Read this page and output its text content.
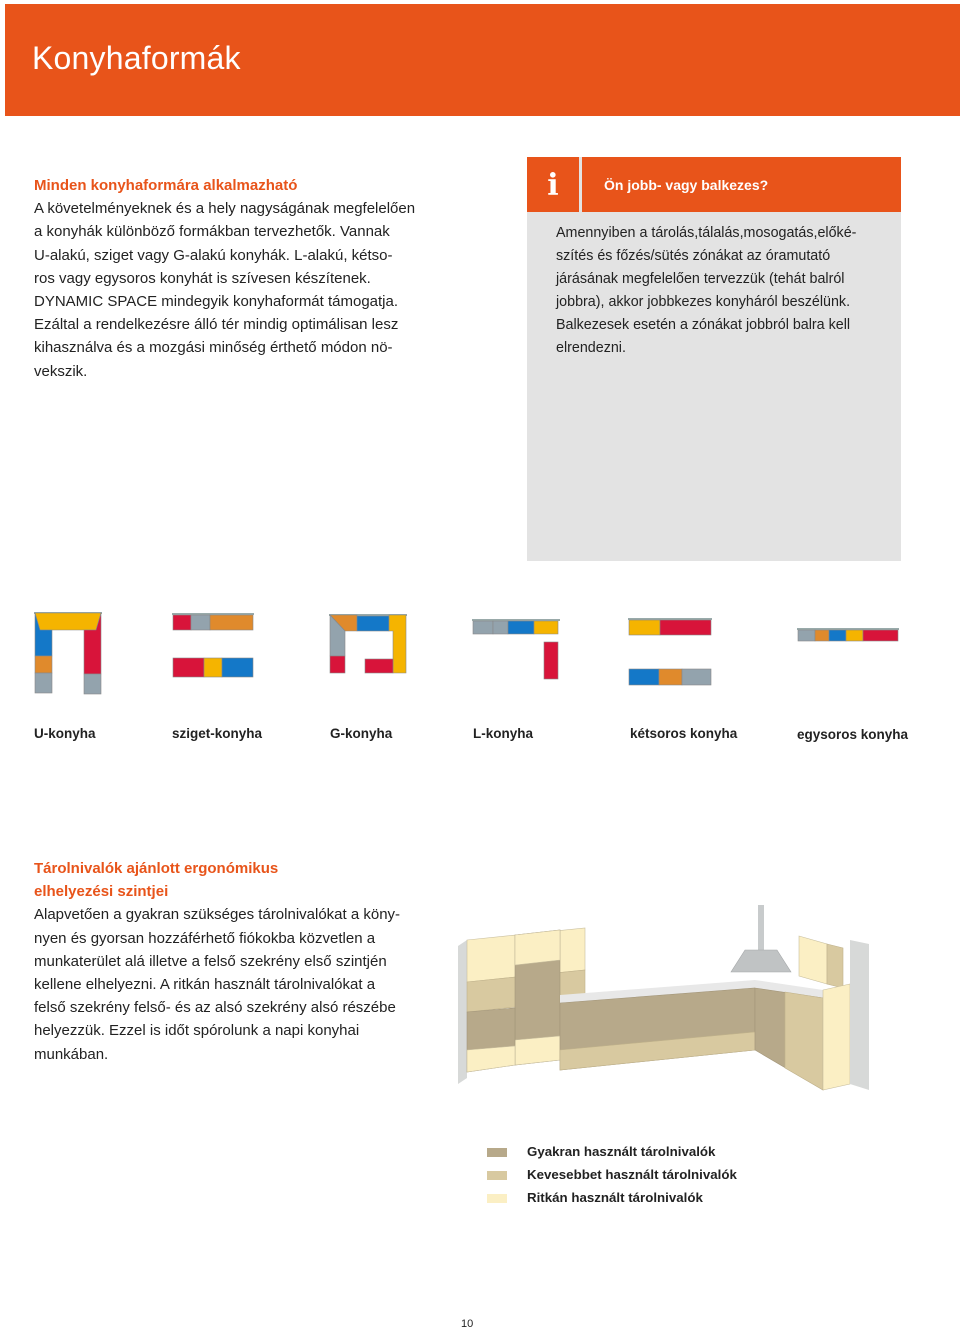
Konyhaformák
Minden konyhaformára alkalmazható
A követelményeknek és a hely nagyságának megfelelően
a konyhák különböző formákban tervezhetők. Vannak
U-alakú, sziget vagy G-alakú konyhák. L-alakú, kétso-
ros vagy egysoros konyhát is szívesen készítenek.
DYNAMIC SPACE mindegyik konyhaformát támogatja.
Ezáltal a rendelkezésre álló tér mindig optimálisan lesz
kihasználva és a mozgási minőség érthető módon nö-
vekszik.
i	Ön jobb- vagy balkezes?
Amennyiben a tárolás,tálalás,mosogatás,előké-
szítés és főzés/sütés zónákat az óramutató
járásának megfelelően tervezzük (tehát balról
jobbra), akkor jobbkezes konyháról beszélünk.
Balkezesek esetén a zónákat jobbról balra kell
elrendezni.
U-konyha	sziget-konyha	G-konyha	L-konyha	kétsoros konyha	egysoros konyha
Tárolnivalók ajánlott ergonómikus
elhelyezési szintjei
Alapvetően a gyakran szükséges tárolnivalókat a köny-
nyen és gyorsan hozzáférhető fiókokba közvetlen a
munkaterület alá illetve a felső szekrény első szintjén
kellene elhelyezni. A ritkán használt tárolnivalókat a
felső szekrény felső- és az alsó szekrény alsó részébe
helyezzük. Ezzel is időt spórolunk a napi konyhai
munkában.
Gyakran használt tárolnivalók
Kevesebbet használt tárolnivalók
Ritkán használt tárolnivalók
10
